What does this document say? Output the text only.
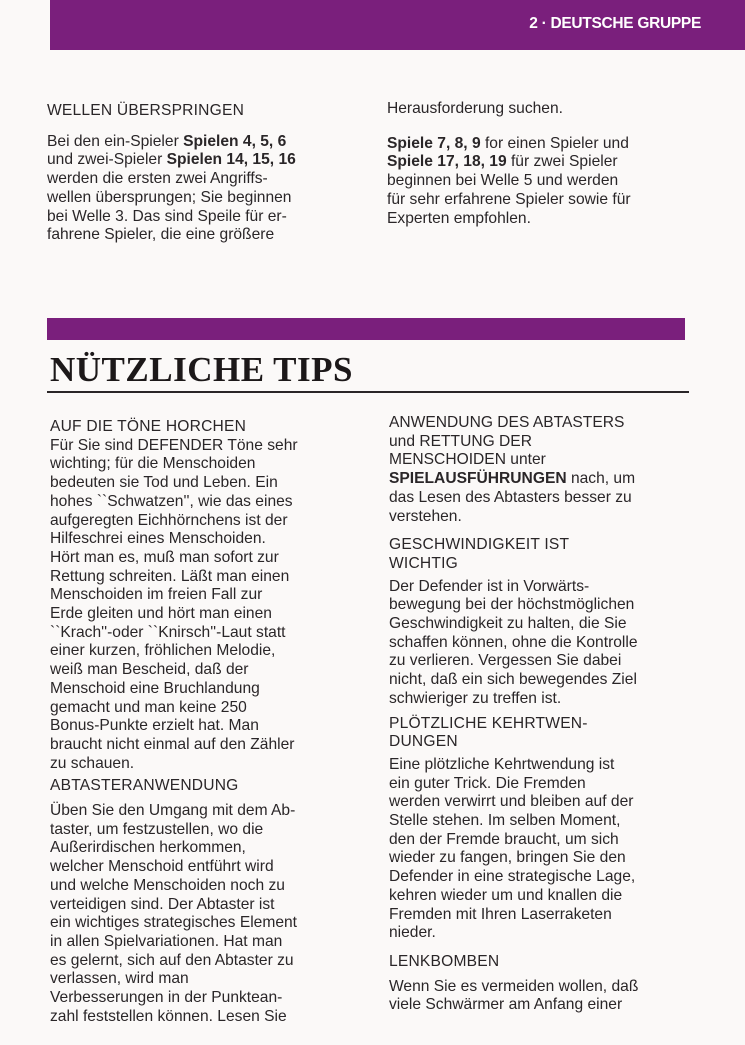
2 · DEUTSCHE GRUPPE

WELLEN ÜBERSPRINGEN

Bei den ein-Spieler Spielen 4, 5, 6

und zwei-Spieler Spielen 14, 15, 16

werden die ersten zwei Angriffs-

wellen übersprungen; Sie beginnen

bei Welle 3. Das sind Speile für er-

fahrene Spieler, die eine größere

Herausforderung suchen.

Spiele 7, 8, 9 for einen Spieler und

Spiele 17, 18, 19 für zwei Spieler

beginnen bei Welle 5 und werden

für sehr erfahrene Spieler sowie für

Experten empfohlen.

NÜTZLICHE TIPS

AUF DIE TÖNE HORCHEN

Für Sie sind DEFENDER Töne sehr

wichting; für die Menschoiden

bedeuten sie Tod und Leben. Ein

hohes ``Schwatzen'', wie das eines

aufgeregten Eichhörnchens ist der

Hilfeschrei eines Menschoiden.

Hört man es, muß man sofort zur

Rettung schreiten. Läßt man einen

Menschoiden im freien Fall zur

Erde gleiten und hört man einen

``Krach''-oder ``Knirsch''-Laut statt

einer kurzen, fröhlichen Melodie,

weiß man Bescheid, daß der

Menschoid eine Bruchlandung

gemacht und man keine 250

Bonus-Punkte erzielt hat. Man

braucht nicht einmal auf den Zähler

zu schauen.

ABTASTERANWENDUNG

Üben Sie den Umgang mit dem Ab-

taster, um festzustellen, wo die

Außerirdischen herkommen,

welcher Menschoid entführt wird

und welche Menschoiden noch zu

verteidigen sind. Der Abtaster ist

ein wichtiges strategisches Element

in allen Spielvariationen. Hat man

es gelernt, sich auf den Abtaster zu

verlassen, wird man

Verbesserungen in der Punktean-

zahl feststellen können. Lesen Sie

ANWENDUNG DES ABTASTERS

und RETTUNG DER

MENSCHOIDEN unter

SPIELAUSFÜHRUNGEN nach, um

das Lesen des Abtasters besser zu

verstehen.

GESCHWINDIGKEIT IST
WICHTIG

Der Defender ist in Vorwärts-

bewegung bei der höchstmöglichen

Geschwindigkeit zu halten, die Sie

schaffen können, ohne die Kontrolle

zu verlieren. Vergessen Sie dabei

nicht, daß ein sich bewegendes Ziel

schwieriger zu treffen ist.

PLÖTZLICHE KEHRTWEN-
DUNGEN

Eine plötzliche Kehrtwendung ist

ein guter Trick. Die Fremden

werden verwirrt und bleiben auf der

Stelle stehen. Im selben Moment,

den der Fremde braucht, um sich

wieder zu fangen, bringen Sie den

Defender in eine strategische Lage,

kehren wieder um und knallen die

Fremden mit Ihren Laserraketen

nieder.

LENKBOMBEN

Wenn Sie es vermeiden wollen, daß

viele Schwärmer am Anfang einer
